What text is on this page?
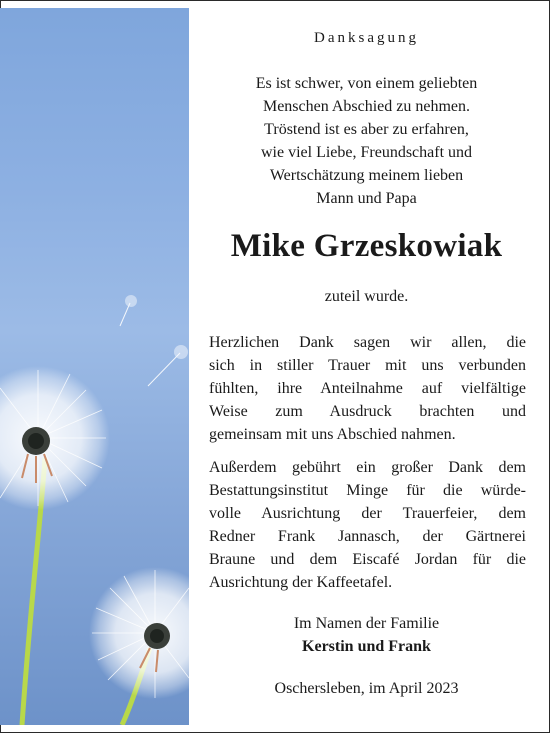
Danksagung
Es ist schwer, von einem geliebten
Menschen Abschied zu nehmen.
Tröstend ist es aber zu erfahren,
wie viel Liebe, Freundschaft und
Wertschätzung meinem lieben
Mann und Papa
Mike Grzeskowiak
zuteil wurde.
Herzlichen Dank sagen wir allen, die
sich in stiller Trauer mit uns verbunden
fühlten, ihre Anteilnahme auf vielfältige
Weise zum Ausdruck brachten und
gemeinsam mit uns Abschied nahmen.
Außerdem gebührt ein großer Dank dem
Bestattungsinstitut Minge für die würde-
volle Ausrichtung der Trauerfeier, dem
Redner Frank Jannasch, der Gärtnerei
Braune und dem Eiscafé Jordan für die
Ausrichtung der Kaffeetafel.
Im Namen der Familie
Kerstin und Frank
Oschersleben, im April 2023
